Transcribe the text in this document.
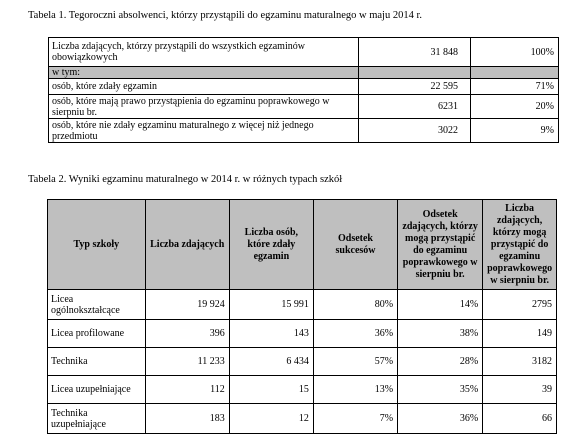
Tabela 1. Tegoroczni absolwenci, którzy przystąpili do egzaminu maturalnego w maju 2014 r.
Liczba zdających, którzy przystąpili do wszystkich egzaminów obowiązkowych	31 848	100%
w tym:		
osób, które zdały egzamin	22 595	71%
osób, które mają prawo przystąpienia do egzaminu poprawkowego w sierpniu br.	6231	20%
osób, które nie zdały egzaminu maturalnego z więcej niż jednego przedmiotu	3022	9%
Tabela 2. Wyniki egzaminu maturalnego w 2014 r. w różnych typach szkół
Typ szkoły	Liczba zdających	Liczba osób, które zdały egzamin	Odsetek sukcesów	Odsetek zdających, którzy mogą przystąpić do egzaminu poprawkowego w sierpniu br.	Liczba zdających, którzy mogą przystąpić do egzaminu poprawkowego w sierpniu br.
Licea ogólnokształcące	19 924	15 991	80%	14%	2795
Licea profilowane	396	143	36%	38%	149
Technika	11 233	6 434	57%	28%	3182
Licea uzupełniające	112	15	13%	35%	39
Technika uzupełniające	183	12	7%	36%	66
